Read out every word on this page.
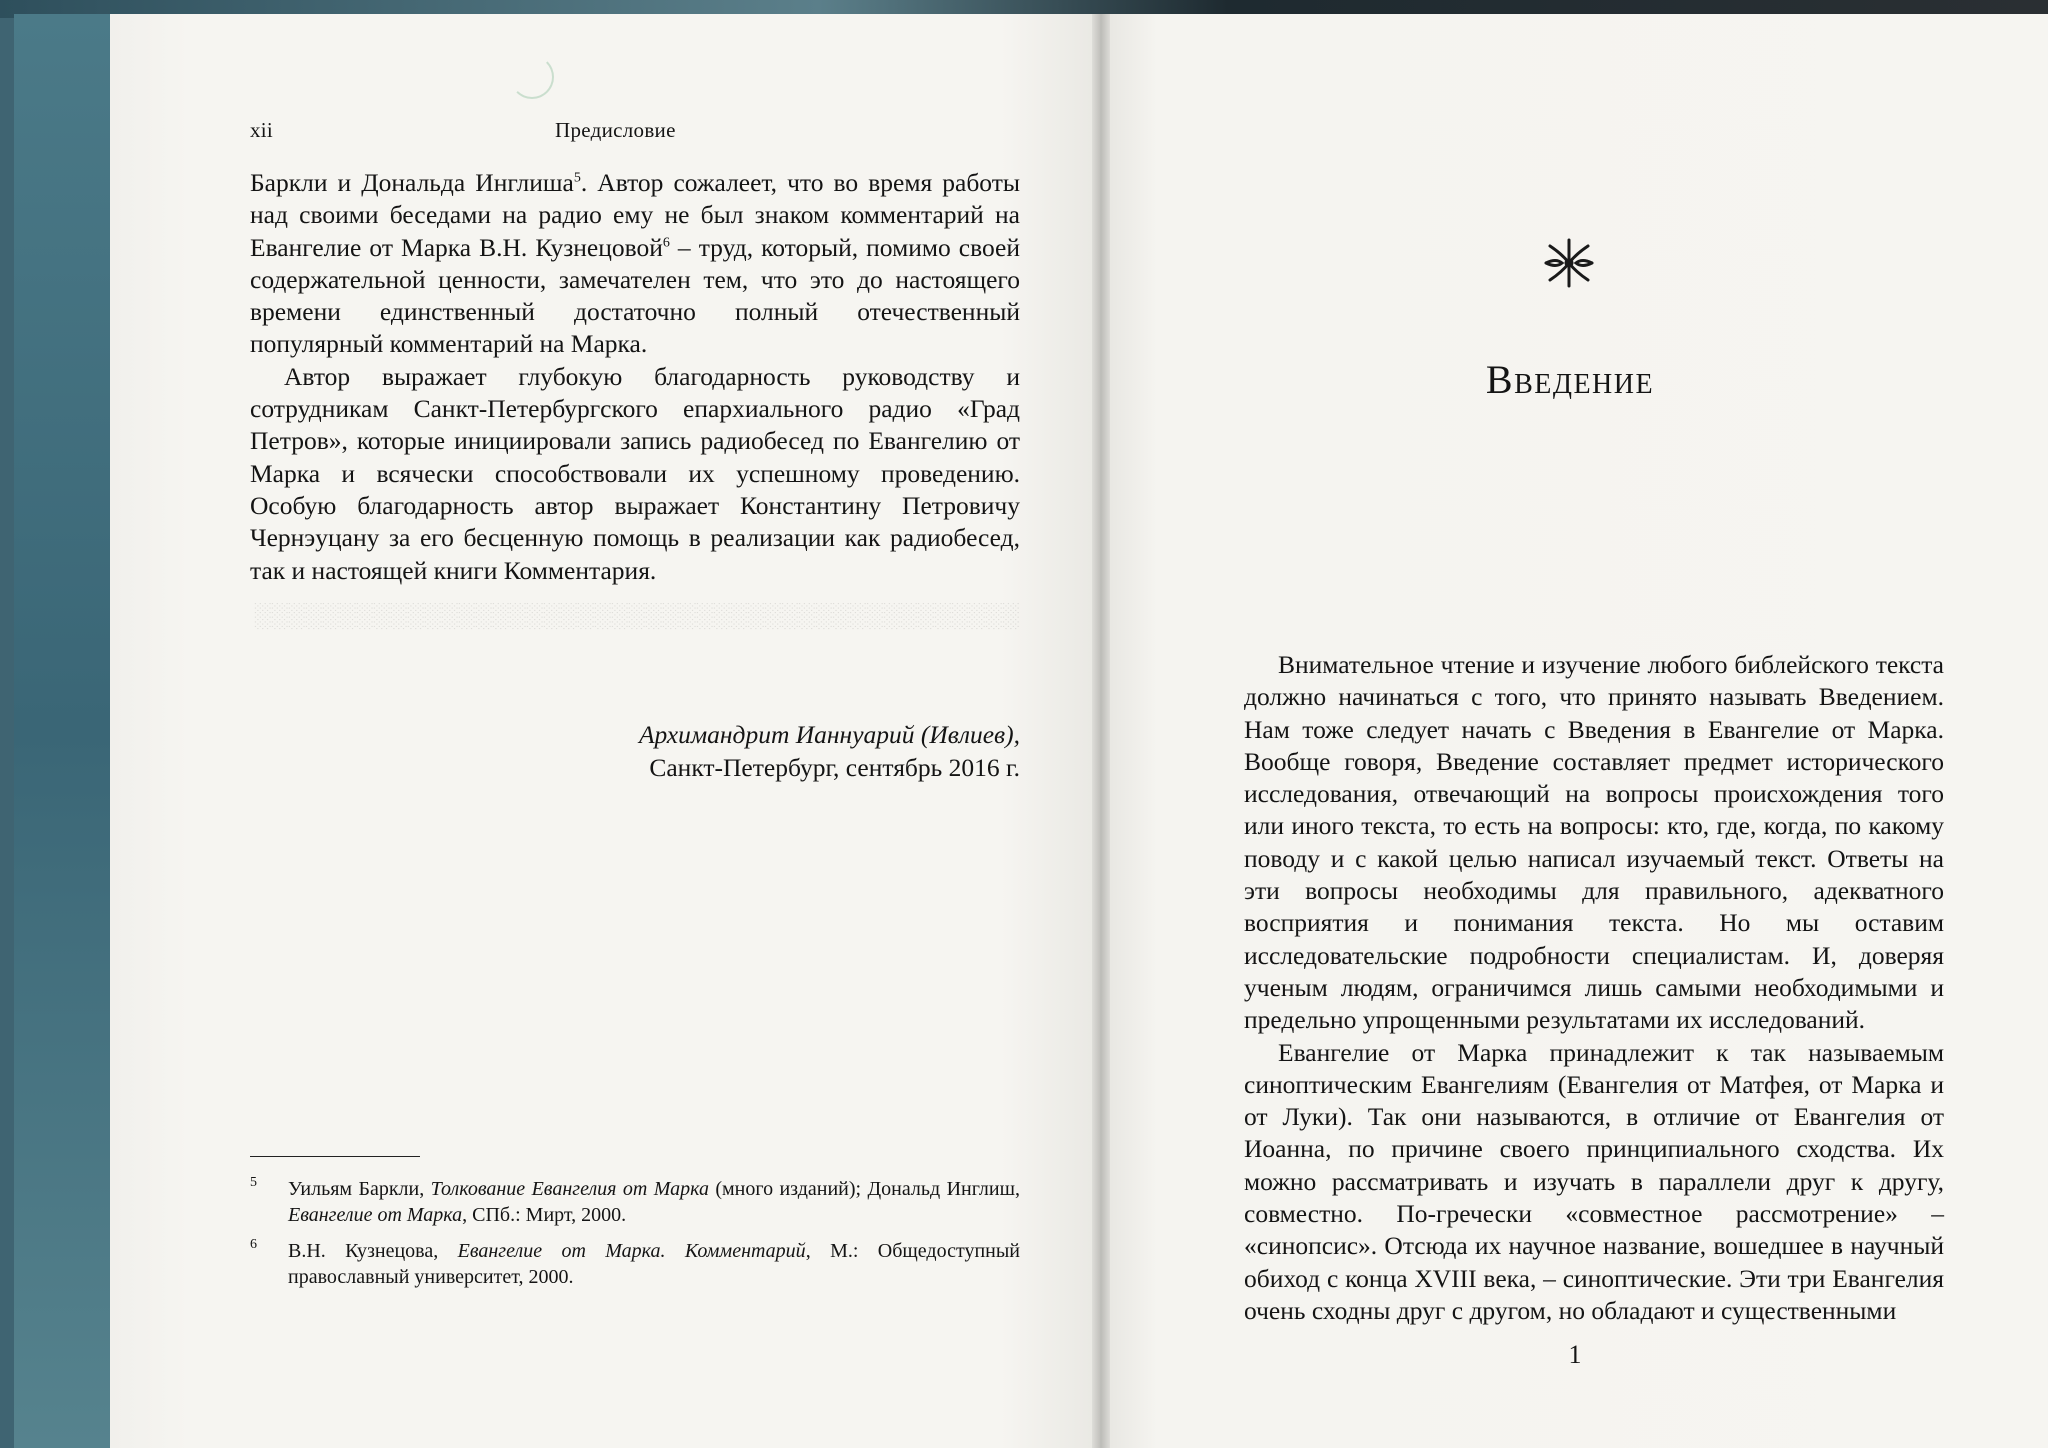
░░░░░░░░░░░░░░░░░░░░░░░░░░░░░░░░░░░░░░░░░░░░░
xii	Предисловие

Баркли и Дональда Инглиша$^5$. Автор сожалеет, что во время работы над своими беседами на радио ему не был знаком комментарий на Евангелие от Марка В.Н. Кузнецовой$^6$ – труд, который, помимо своей содержательной ценности, замечателен тем, что это до настоящего времени единственный достаточно полный отечественный популярный комментарий на Марка.

Автор выражает глубокую благодарность руководству и сотрудникам Санкт-Петербургского епархиального радио «Град Петров», которые инициировали запись радиобесед по Евангелию от Марка и всячески способствовали их успешному проведению. Особую благодарность автор выражает Константину Петровичу Чернэуцану за его бесценную помощь в реализации как радиобесед, так и настоящей книги Комментария.

Архимандрит Ианнуарий (Ивлиев),
Санкт-Петербург, сентябрь 2016 г.
5 Уильям Баркли, Толкование Евангелия от Марка (много изданий); Дональд Инглиш, Евангелие от Марка, СПб.: Мирт, 2000.
6 В.Н. Кузнецова, Евангелие от Марка. Комментарий, М.: Общедоступный православный университет, 2000.
Введение

Внимательное чтение и изучение любого библейского текста должно начинаться с того, что принято называть Введением. Нам тоже следует начать с Введения в Евангелие от Марка. Вообще говоря, Введение составляет предмет исторического исследования, отвечающий на вопросы происхождения того или иного текста, то есть на вопросы: кто, где, когда, по какому поводу и с какой целью написал изучаемый текст. Ответы на эти вопросы необходимы для правильного, адекватного восприятия и понимания текста. Но мы оставим исследовательские подробности специалистам. И, доверяя ученым людям, ограничимся лишь самыми необходимыми и предельно упрощенными результатами их исследований.

Евангелие от Марка принадлежит к так называемым синоптическим Евангелиям (Евангелия от Матфея, от Марка и от Луки). Так они называются, в отличие от Евангелия от Иоанна, по причине своего принципиального сходства. Их можно рассматривать и изучать в параллели друг к другу, совместно. По-гречески «совместное рассмотрение» – «синопсис». Отсюда их научное название, вошедшее в научный обиход с конца XVIII века, – синоптические. Эти три Евангелия очень сходны друг с другом, но обладают и существенными

1
